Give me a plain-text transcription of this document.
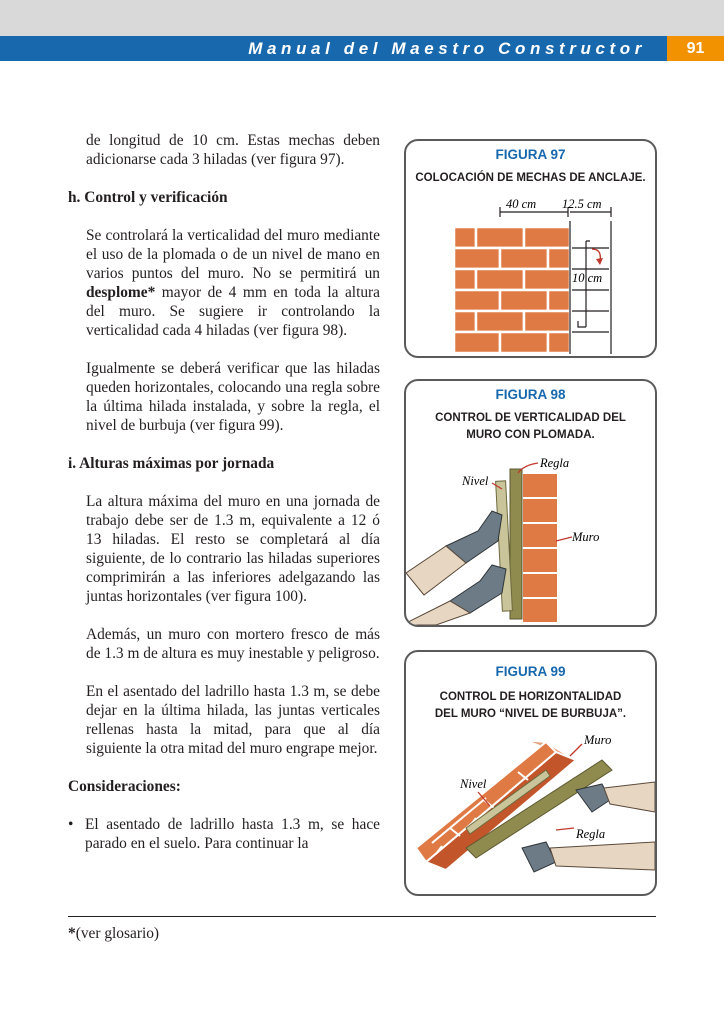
Manual del Maestro Constructor	91

de longitud de 10 cm. Estas mechas deben adicionarse cada 3 hiladas (ver figura 97).

h. Control y verificación

Se controlará la verticalidad del muro mediante el uso de la plomada o de un nivel de mano en varios puntos del muro. No se permitirá un desplome* mayor de 4 mm en toda la altura del muro. Se sugiere ir controlando la verticalidad cada 4 hiladas (ver figura 98).

Igualmente se deberá verificar que las hiladas queden horizontales, colocando una regla sobre la última hilada instalada, y sobre la regla, el nivel de burbuja (ver figura 99).

i. Alturas máximas por jornada

La altura máxima del muro en una jornada de trabajo debe ser de 1.3 m, equivalente a 12 ó 13 hiladas. El resto se completará al día siguiente, de lo contrario las hiladas superiores comprimirán a las inferiores adelgazando las juntas horizontales (ver figura 100).

Además, un muro con mortero fresco de más de 1.3 m de altura es muy inestable y peligroso.

En el asentado del ladrillo hasta 1.3 m, se debe dejar en la última hilada, las juntas verticales rellenas hasta la mitad, para que al día siguiente la otra mitad del muro engrape mejor.

Consideraciones:

• El asentado de ladrillo hasta 1.3 m, se hace parado en el suelo. Para continuar la

*(ver glosario)
FIGURA 97
COLOCACIÓN DE MECHAS DE ANCLAJE.
40 cm 12.5 cm
10 cm
FIGURA 98
CONTROL DE VERTICALIDAD DEL
MURO CON PLOMADA.
Regla
Nivel
Muro
FIGURA 99
CONTROL DE HORIZONTALIDAD
DEL MURO “NIVEL DE BURBUJA”.
Muro
Nivel
Regla
